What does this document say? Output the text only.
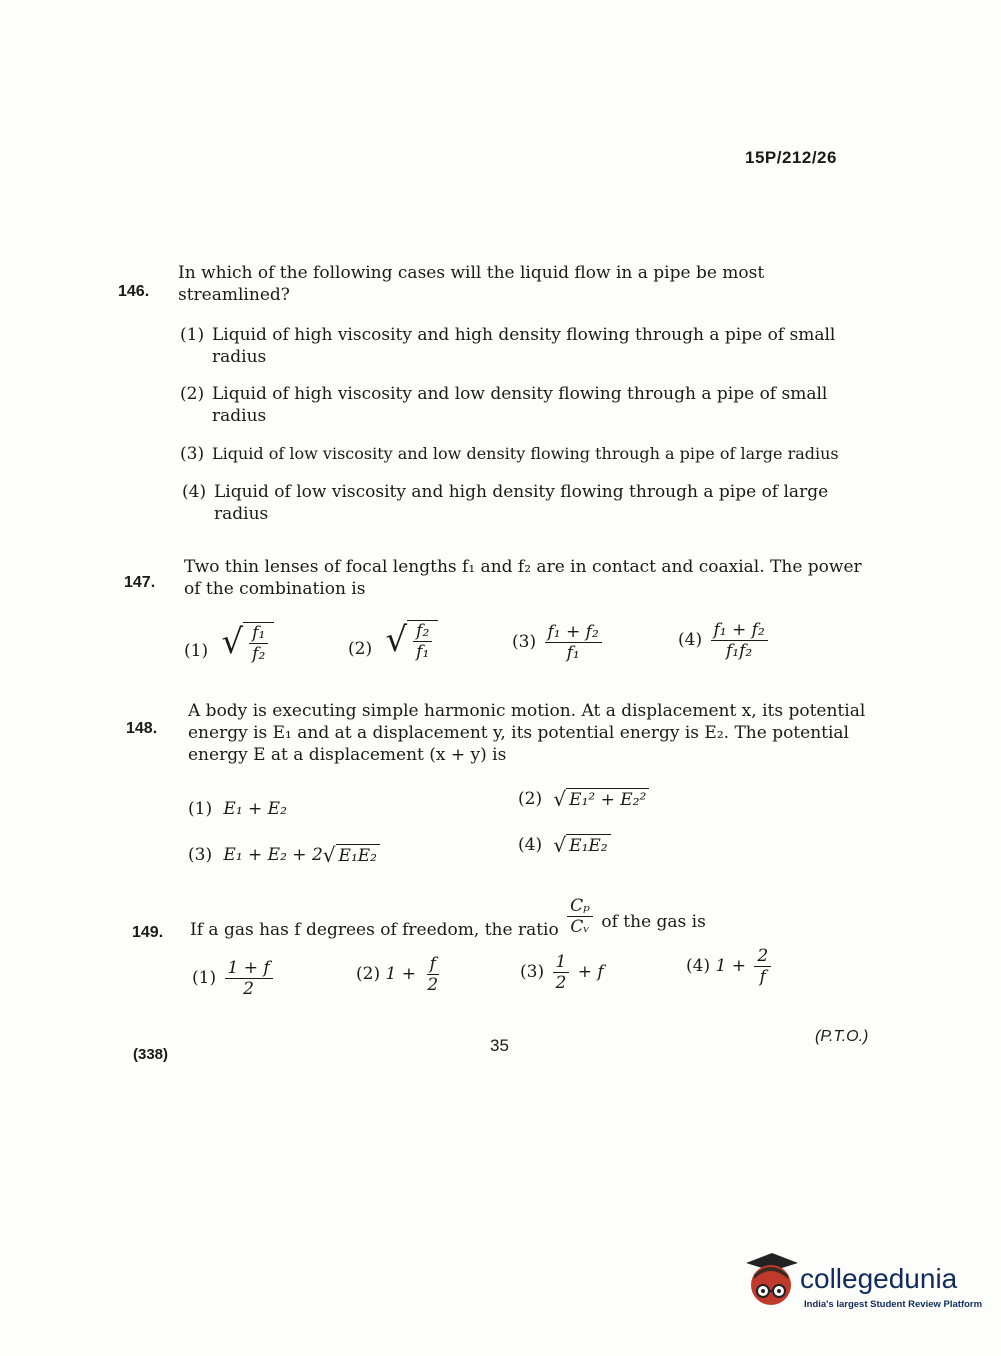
15P/212/26
146.
In which of the following cases will the liquid flow in a pipe be most
streamlined?
(1) Liquid of high viscosity and high density flowing through a pipe of small
radius
(2) Liquid of high viscosity and low density flowing through a pipe of small
radius
(3) Liquid of low viscosity and low density flowing through a pipe of large radius
(4) Liquid of low viscosity and high density flowing through a pipe of large
radius
147.
Two thin lenses of focal lengths f₁ and f₂ are in contact and coaxial. The power
of the combination is
(1) √ $\frac{\text{f₁}}{\text{f₂}}$	(2) √ $\frac{\text{f₂}}{\text{f₁}}$	$(3) \frac{\text{f₁ + f₂}}{\text{f₁}}$	$(4) \frac{\text{f₁ + f₂}}{\text{f₁f₂}}$
148.
A body is executing simple harmonic motion. At a displacement x, its potential
energy is E₁ and at a displacement y, its potential energy is E₂. The potential
energy E at a displacement (x + y) is
(1) E₁ + E₂	(2) √ E₁² + E₂²
(3) E₁ + E₂ + 2 √ E₁E₂
(4) √ E₁E₂
149. If a gas has f degrees of freedom, the ratio $\frac{\text{Cₚ}}{\text{Cᵥ}}$ of the gas is
$(1) \frac{1 + f}{2}$	(2) $1 + \frac{f}{2}$	$(3) \frac{1}{2} + f$	(4) $1 + \frac{2}{f}$
35	(P.T.O.)
(338)
collegedunia
India's largest Student Review Platform
